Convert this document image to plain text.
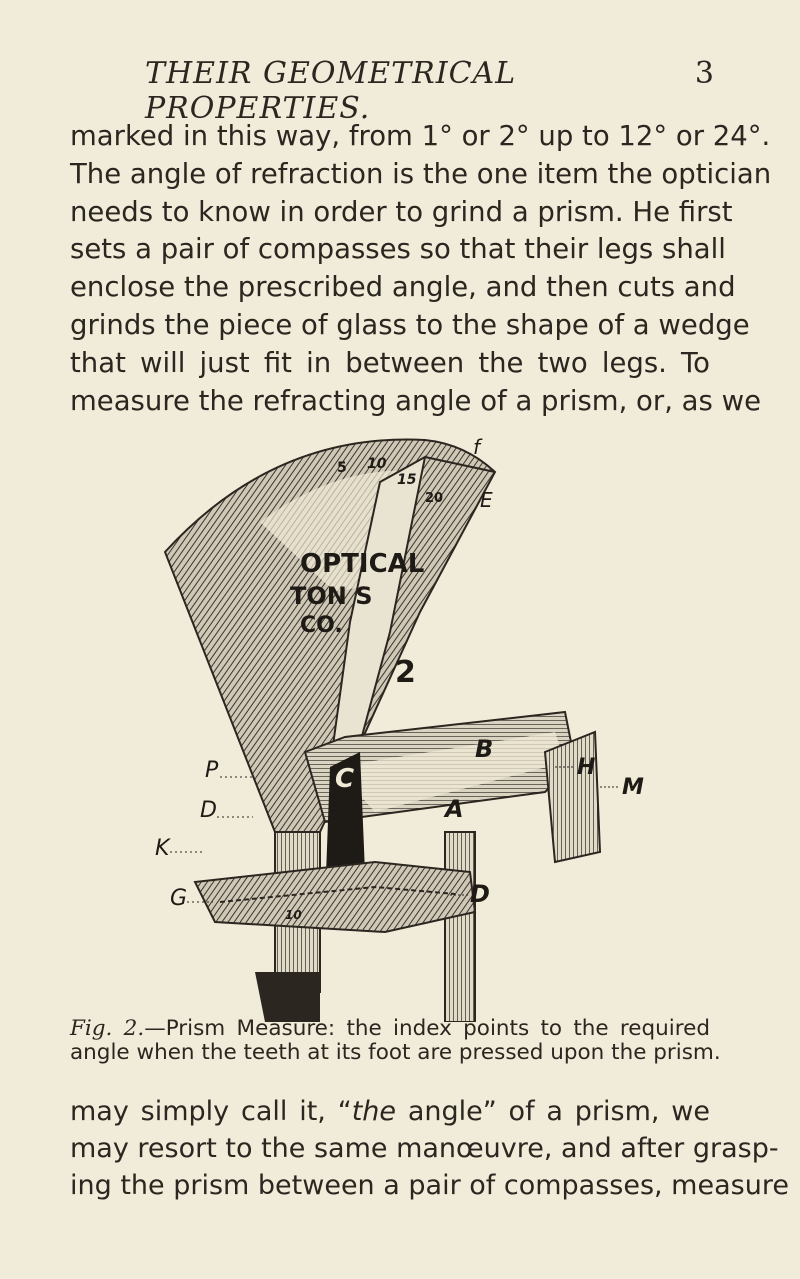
THEIR GEOMETRICAL PROPERTIES.
3
marked in this way, from 1° or 2° up to 12° or 24°.
The angle of refraction is the one item the optician
needs to know in order to grind a prism. He first
sets a pair of compasses so that their legs shall
enclose the prescribed angle, and then cuts and
grinds the piece of glass to the shape of a wedge
that will just fit in between the two legs. To
measure the refracting angle of a prism, or, as we
OPTICAL
TON S
CO.
5 10
15
20
2
10
f
E
H
M
P
D
K
G
B
C
A
D
Fig. 2.—Prism Measure: the index points to the required
angle when the teeth at its foot are pressed upon the prism.
may simply call it, “the angle” of a prism, we
may resort to the same manœuvre, and after grasp-
ing the prism between a pair of compasses, measure
